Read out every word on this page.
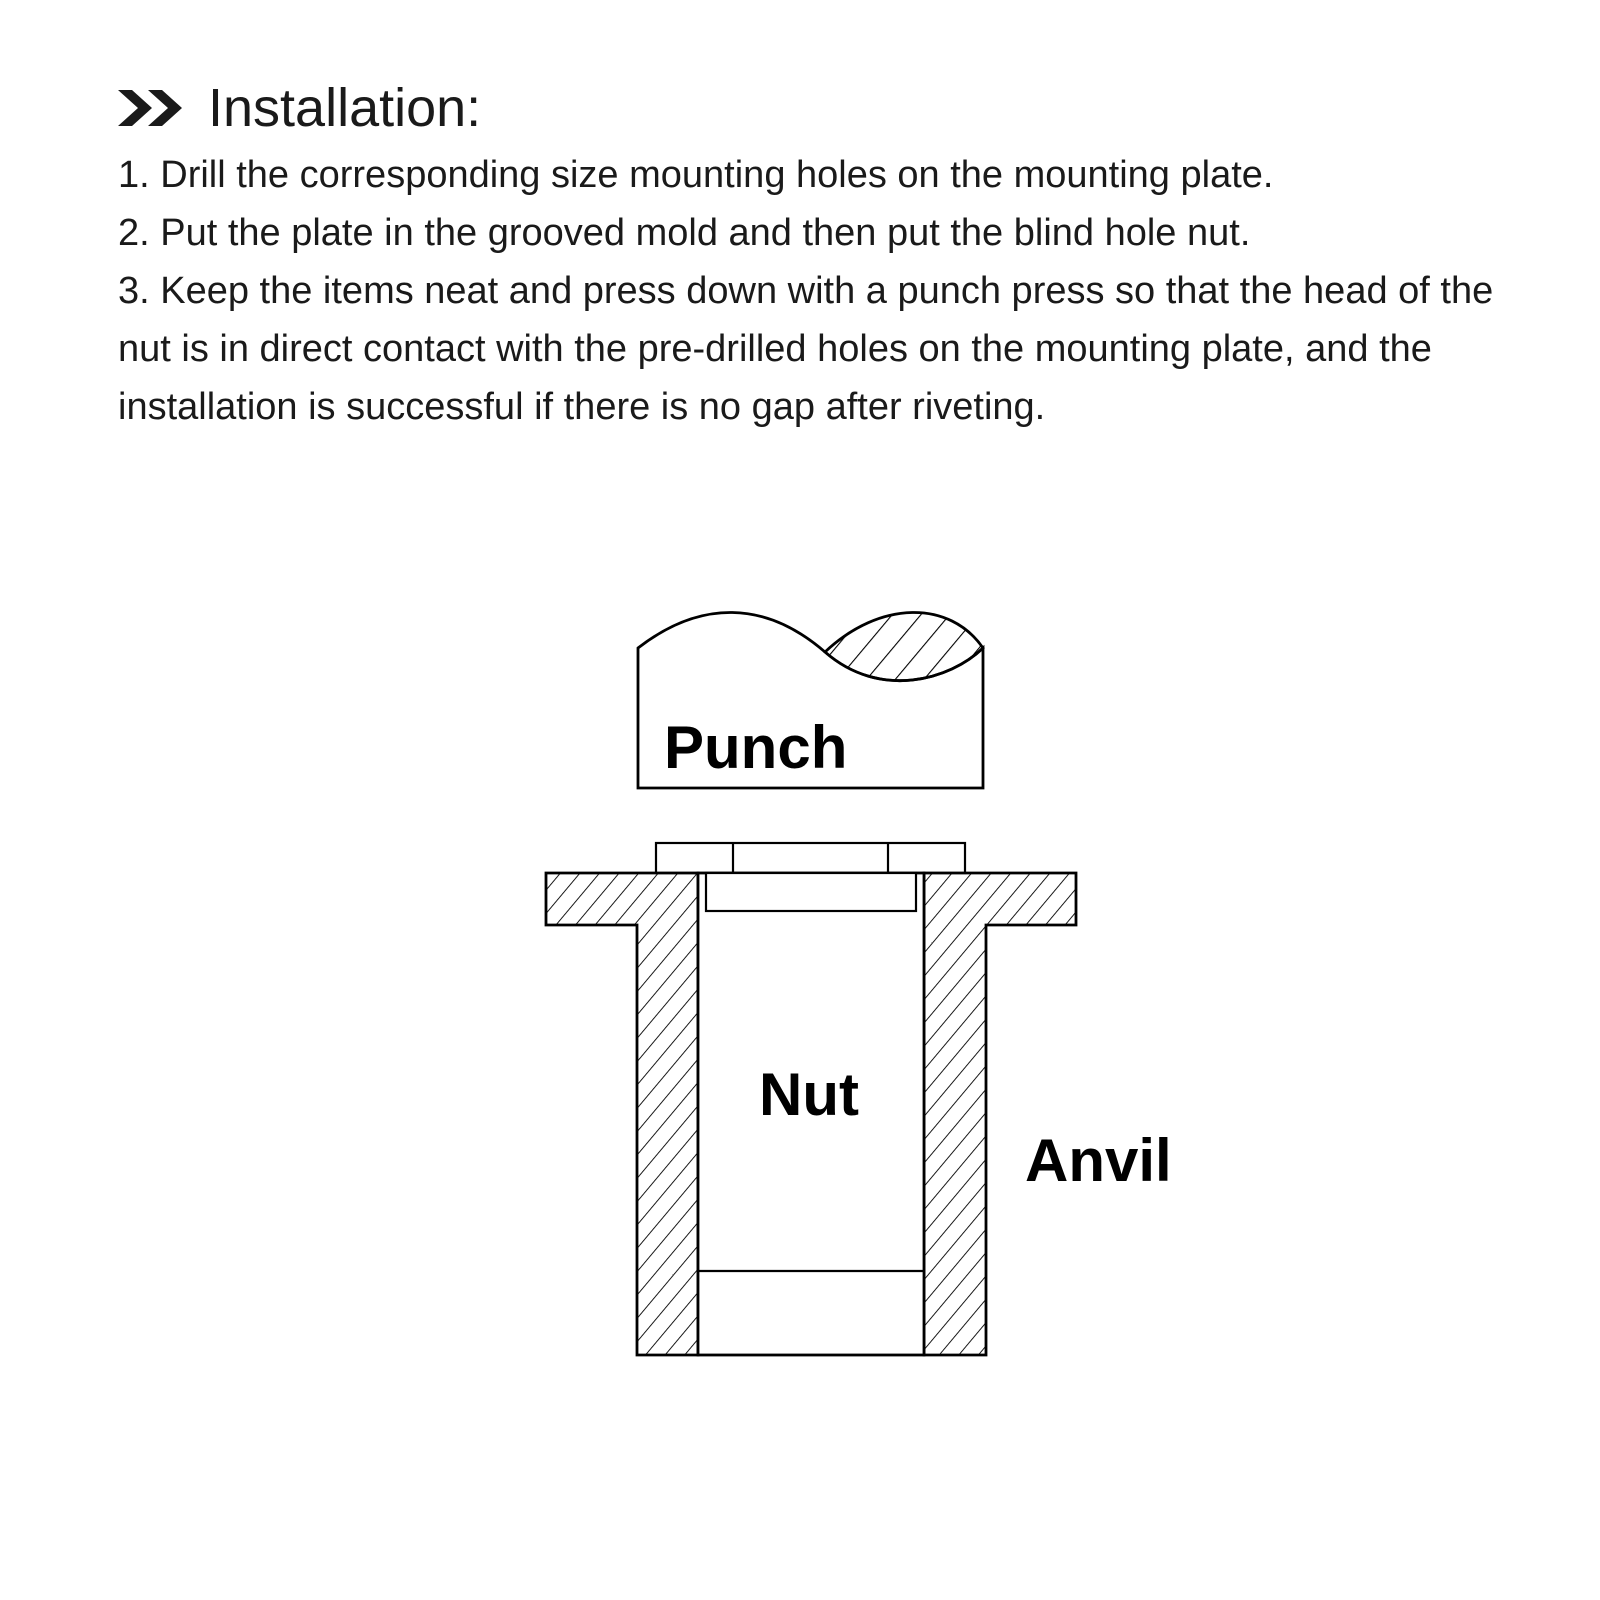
Installation:

1. Drill the corresponding size mounting holes on the mounting plate.

2. Put the plate in the grooved mold and then put the blind hole nut.

3. Keep the items neat and press down with a punch press so that the head of the nut is in direct contact with the pre-drilled holes on the mounting plate, and the installation is successful if there is no gap after riveting.

Punch
Nut
Anvil
